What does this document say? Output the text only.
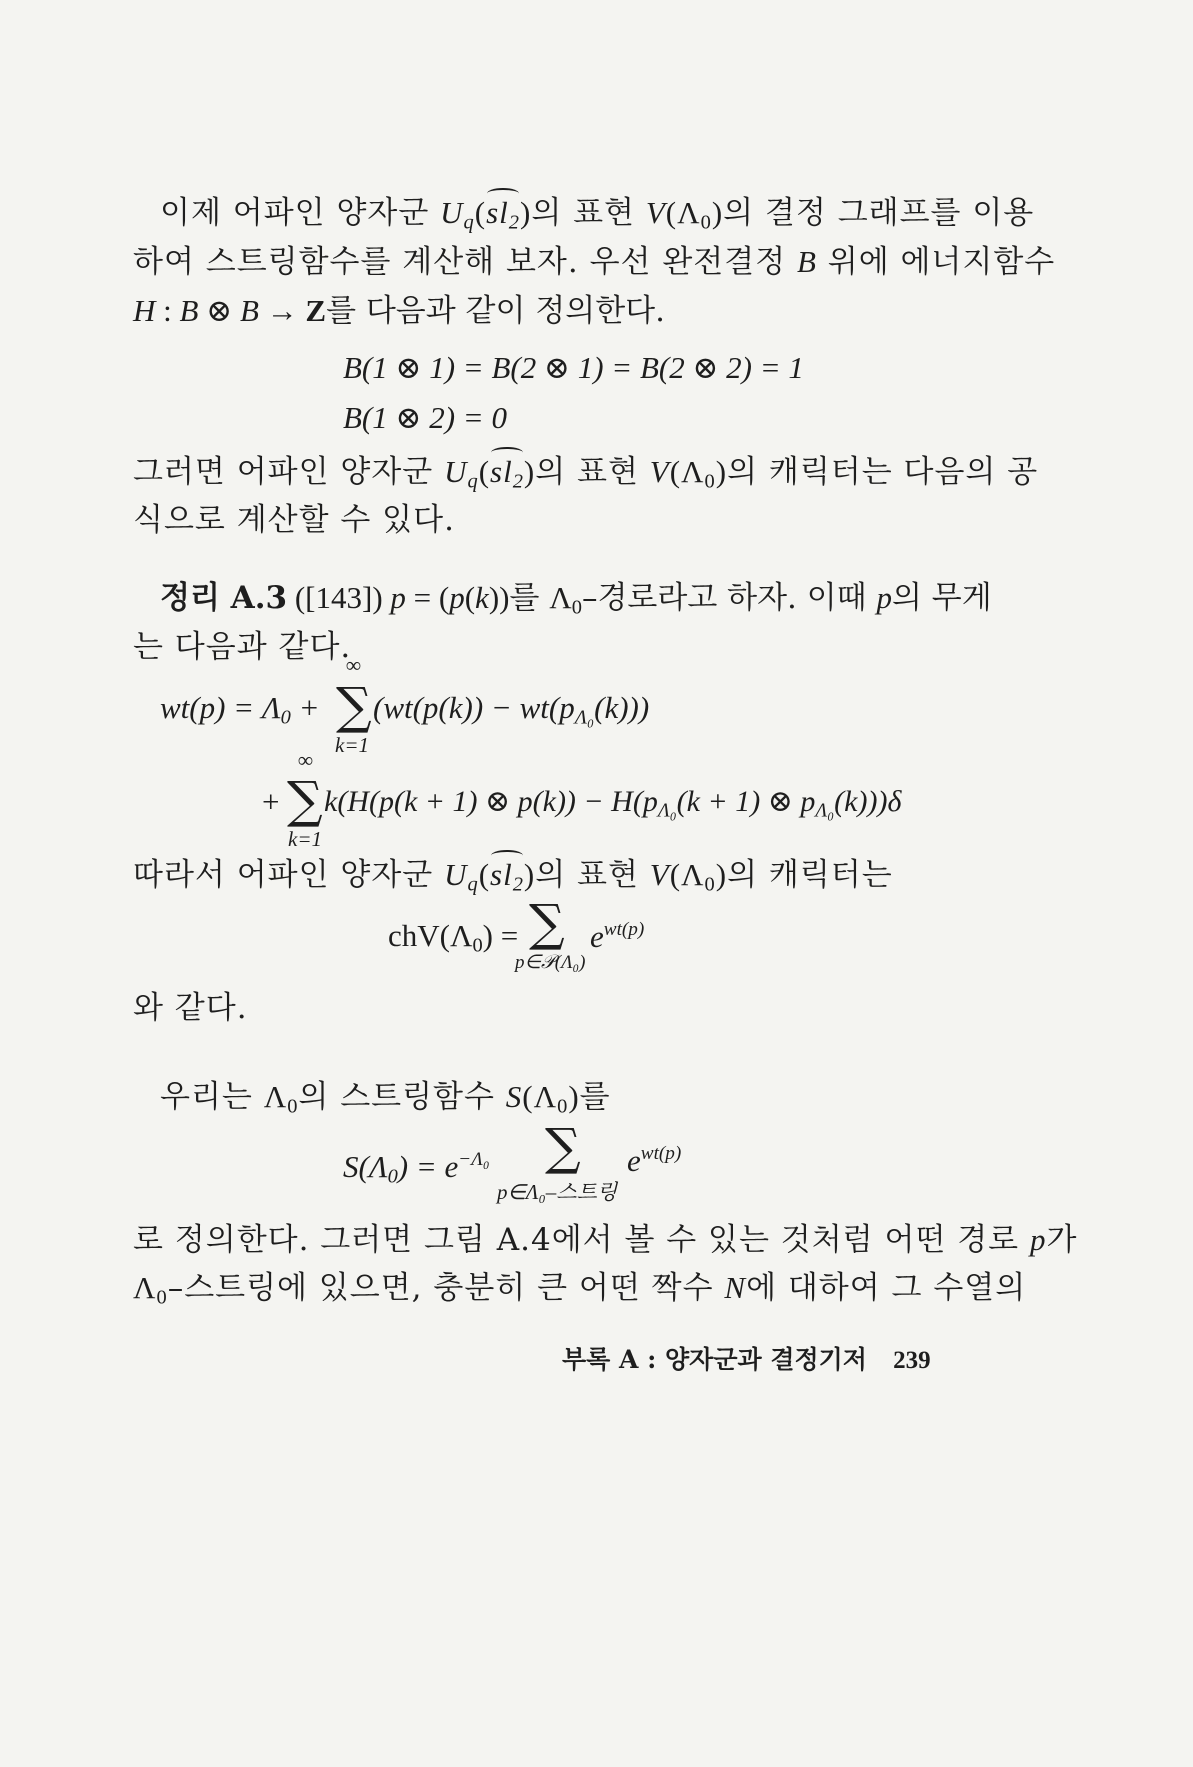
이제 어파인 양자군 $U_q(sl_2)$의 표현 $V(\Lambda_0)$의 결정 그래프를 이용
하여 스트링함수를 계산해 보자. 우선 완전결정 B 위에 에너지함수
H : B ⊗ B → Z를 다음과 같이 정의한다.
B(1 ⊗ 1) = B(2 ⊗ 1) = B(2 ⊗ 2) = 1
B(1 ⊗ 2) = 0
그러면 어파인 양자군 $U_q(sl_2)$의 표현 $V(\Lambda_0)$의 캐릭터는 다음의 공
식으로 계산할 수 있다.
정리 A.3 ([143]) p = (p(k))를 $\Lambda_0-$경로라고 하자. 이때 p의 무게
는 다음과 같다.
$wt(p) = \Lambda_0$ +
∞
∑
k=1
$(wt(p(k)) - wt(p_{\Lambda_0}(k)))$
+
∞
∑
k=1
k(H(p(k + 1) ⊗ $p(k)) - H(p_{\Lambda_0}(k + 1)$ ⊗ $p_{\Lambda_0}(k)))\delta$
따라서 어파인 양자군 $U_q(sl_2)$의 표현 $V(\Lambda_0)$의 캐릭터는
$chV(\Lambda_0)$ = ∑
p∈𝒫(Λ₀)
$e^{wt(p)}$
와 같다.
우리는 $\Lambda_0$의 스트링함수 $S(\Lambda_0)$를
$S(\Lambda_0) = e^{-\Lambda_0}$ ∑
p∈Λ₀–스트링
$e^{wt(p)}$
로 정의한다. 그러면 그림 A.4에서 볼 수 있는 것처럼 어떤 경로 p가
$\Lambda_0-$스트링에 있으면, 충분히 큰 어떤 짝수 N에 대하여 그 수열의
부록 A : 양자군과 결정기저 239
